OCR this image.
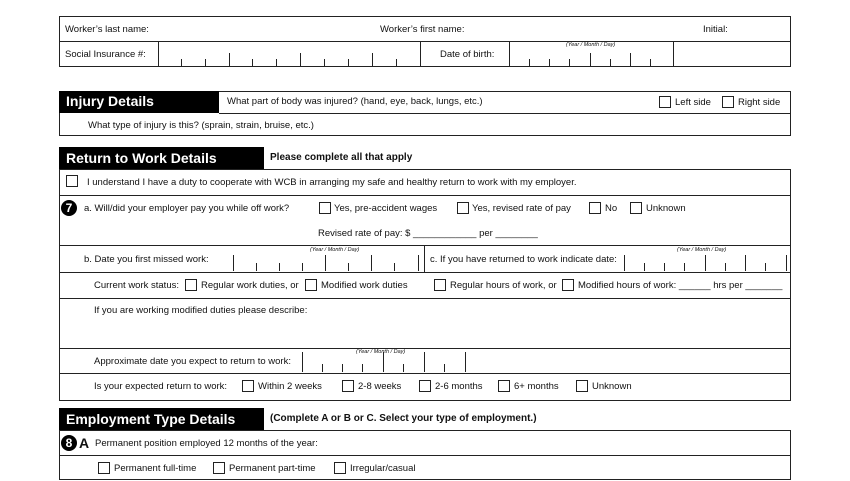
Worker’s last name:	Worker’s first name:	Initial:
Social Insurance #:	Date of birth:
(Year / Month / Day)
Injury Details	What part of body was injured? (hand, eye, back, lungs, etc.)	Left side	Right side
What type of injury is this? (sprain, strain, bruise, etc.)
Return to Work Details	Please complete all that apply
I understand I have a duty to cooperate with WCB in arranging my safe and healthy return to work with my employer.
7	a. Will/did your employer pay you while off work?	Yes, pre-accident wages	Yes, revised rate of pay	No	Unknown
Revised rate of pay: $ ____________ per ________
b. Date you first missed work:
(Year / Month / Day)
c. If you have returned to work indicate date:
(Year / Month / Day)
Current work status: Regular work duties, or Modified work duties	Regular hours of work, or Modified hours of work: ______ hrs per _______
If you are working modified duties please describe:
Approximate date you expect to return to work:
(Year / Month / Day)
Is your expected return to work:	Within 2 weeks	2-8 weeks	2-6 months	6+ months	Unknown
Employment Type Details	(Complete A or B or C. Select your type of employment.)
8 A Permanent position employed 12 months of the year:
Permanent full-time	Permanent part-time	Irregular/casual
